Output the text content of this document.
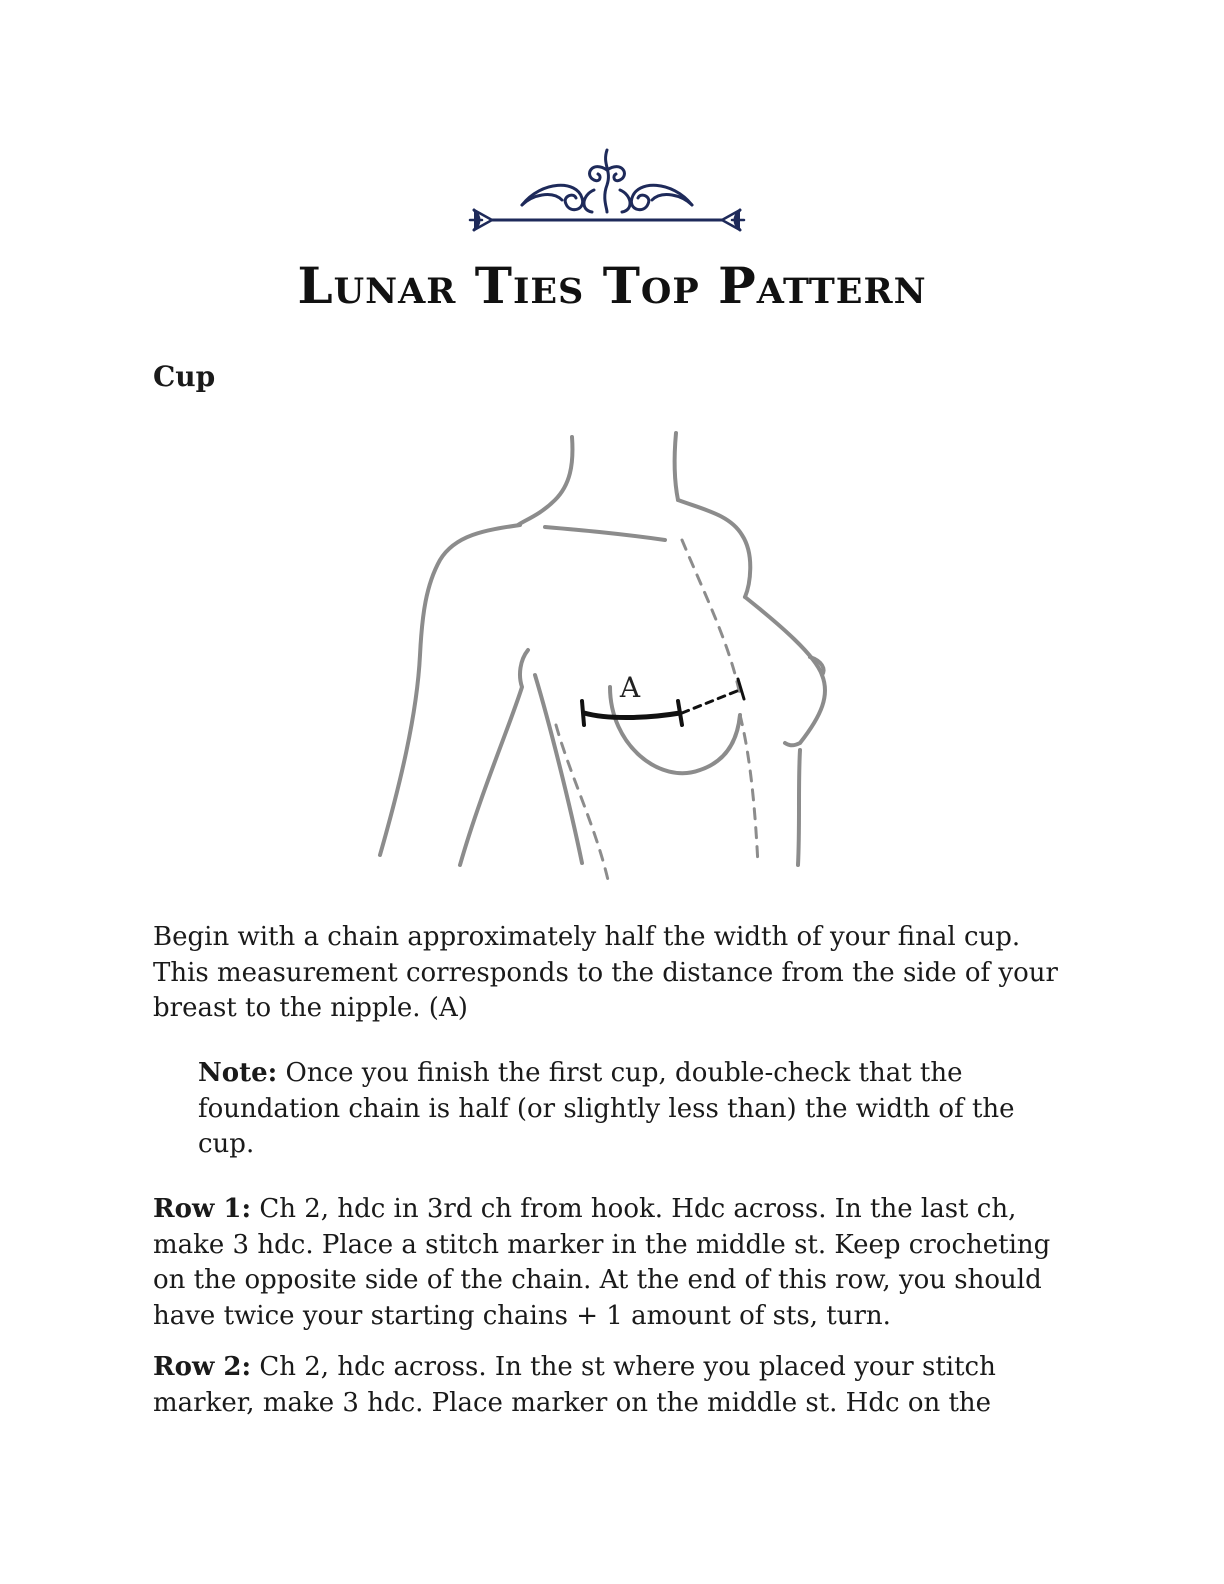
Lunar Ties Top Pattern
Cup
A

Begin with a chain approximately half the width of your final cup. This measurement corresponds to the distance from the side of your breast to the nipple. (A)

Note: Once you finish the first cup, double-check that the foundation chain is half (or slightly less than) the width of the cup.

Row 1: Ch 2, hdc in 3rd ch from hook. Hdc across. In the last ch, make 3 hdc. Place a stitch marker in the middle st. Keep crocheting on the opposite side of the chain. At the end of this row, you should have twice your starting chains + 1 amount of sts, turn.

Row 2: Ch 2, hdc across. In the st where you placed your stitch marker, make 3 hdc. Place marker on the middle st. Hdc on the
